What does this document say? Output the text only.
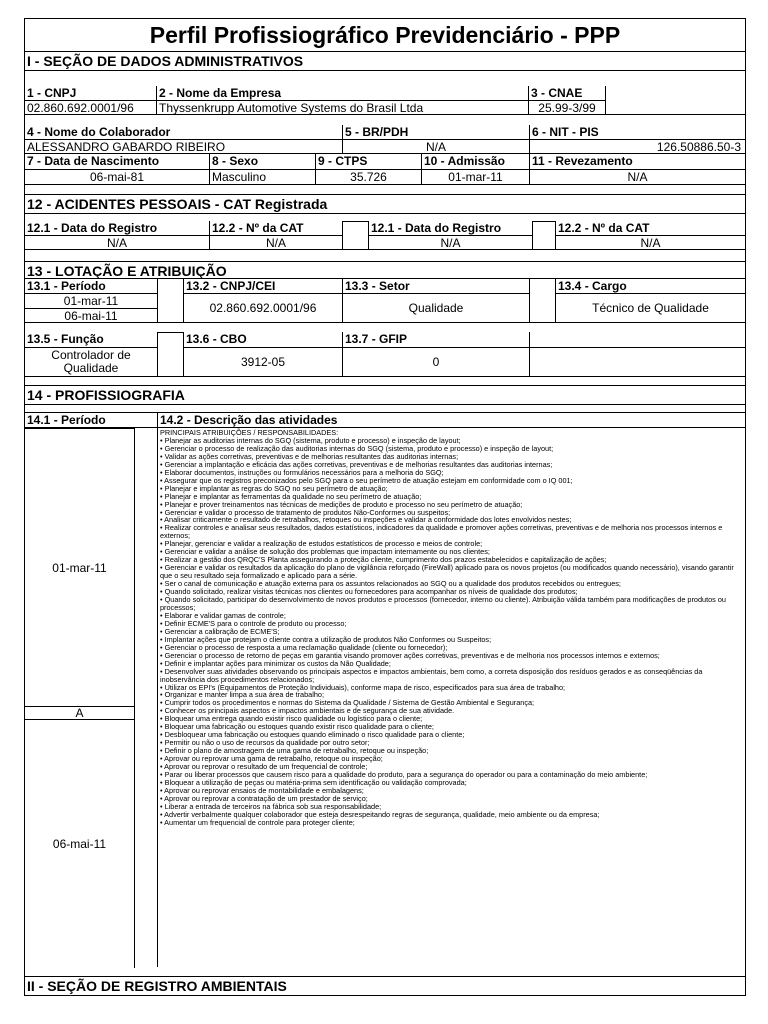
Perfil Profissiográfico Previdenciário - PPP
I - SEÇÃO DE DADOS ADMINISTRATIVOS
1 - CNPJ	2 - Nome da Empresa	3 - CNAE
02.860.692.0001/96	Thyssenkrupp Automotive Systems do Brasil Ltda	25.99-3/99
4 - Nome do Colaborador	5 - BR/PDH	6 - NIT - PIS
ALESSANDRO GABARDO RIBEIRO	N/A	126.50886.50-3
7 - Data de Nascimento	8 - Sexo	9 - CTPS	10 - Admissão	11 - Revezamento
06-mai-81	Masculino	35.726	01-mar-11	N/A
12 - ACIDENTES PESSOAIS - CAT Registrada
12.1 - Data do Registro	12.2 - Nº da CAT	12.1 - Data do Registro	12.2 - Nº da CAT
N/A	N/A	N/A	N/A
13 - LOTAÇÃO E ATRIBUIÇÃO
13.1 - Período	13.2 - CNPJ/CEI	13.3 - Setor	13.4 - Cargo
01-mar-11
06-mai-11
02.860.692.0001/96	Qualidade	Técnico de Qualidade
13.5 - Função	13.6 - CBO	13.7 - GFIP
Controlador de Qualidade	3912-05	0
14 - PROFISSIOGRAFIA
14.1 - Período	14.2 - Descrição das atividades
01-mar-11
A
06-mai-11
PRINCIPAIS ATRIBUIÇÕES / RESPONSABILIDADES:
• Planejar as auditorias internas do SGQ (sistema, produto e processo) e inspeção de layout;
• Gerenciar o processo de realização das auditorias internas do SGQ (sistema, produto e processo) e inspeção de layout;
• Validar as ações corretivas, preventivas e de melhorias resultantes das auditorias internas;
• Gerenciar a implantação e eficácia das ações corretivas, preventivas e de melhorias resultantes das auditorias internas;
• Elaborar documentos, instruções ou formulários necessários para a melhoria do SGQ;
• Assegurar que os registros preconizados pelo SGQ para o seu perímetro de atuação estejam em conformidade com o IQ 001;
• Planejar e implantar as regras do SGQ no seu perímetro de atuação;
• Planejar e implantar as ferramentas da qualidade no seu perímetro de atuação;
• Planejar e prover treinamentos nas técnicas de medições de produto e processo no seu perímetro de atuação;
• Gerenciar e validar o processo de tratamento de produtos Não-Conformes ou suspeitos;
• Analisar criticamente o resultado de retrabalhos, retoques ou inspeções e validar a conformidade dos lotes envolvidos nestes;
• Realizar controles e analisar seus resultados, dados estatísticos, indicadores da qualidade e promover ações corretivas, preventivas e de melhoria nos processos internos e externos;
• Planejar, gerenciar e validar a realização de estudos estatísticos de processo e meios de controle;
• Gerenciar e validar a análise de solução dos problemas que impactam internamente ou nos clientes;
• Realizar a gestão dos QRQC'S Planta assegurando a proteção cliente, cumprimento dos prazos estabelecidos e capitalização de ações;
• Gerenciar e validar os resultados da aplicação do plano de vigilância reforçado (FireWall) aplicado para os novos projetos (ou modificados quando necessário), visando garantir que o seu resultado seja formalizado e aplicado para a série.
• Ser o canal de comunicação e atuação externa para os assuntos relacionados ao SGQ ou a qualidade dos produtos recebidos ou entregues;
• Quando solicitado, realizar visitas técnicas nos clientes ou fornecedores para acompanhar os níveis de qualidade dos produtos;
• Quando solicitado, participar do desenvolvimento de novos produtos e processos (fornecedor, interno ou cliente). Atribuição válida também para modificações de produtos ou processos;
• Elaborar e validar gamas de controle;
• Definir ECME'S para o controle de produto ou processo;
• Gerenciar a calibração de ECME'S;
• Implantar ações que protejam o cliente contra a utilização de produtos Não Conformes ou Suspeitos;
• Gerenciar o processo de resposta a uma reclamação qualidade (cliente ou fornecedor);
• Gerenciar o processo de retorno de peças em garantia visando promover ações corretivas, preventivas e de melhoria nos processos internos e externos;
• Definir e implantar ações para minimizar os custos da Não Qualidade;
• Desenvolver suas atividades observando os principais aspectos e impactos ambientais, bem como, a correta disposição dos resíduos gerados e as conseqüências da inobservância dos procedimentos relacionados;
• Utilizar os EPI's (Equipamentos de Proteção Individuais), conforme mapa de risco, especificados para sua área de trabalho;
• Organizar e manter limpa a sua área de trabalho;
• Cumprir todos os procedimentos e normas do Sistema da Qualidade / Sistema de Gestão Ambiental e Segurança;
• Conhecer os principais aspectos e impactos ambientais e de segurança de sua atividade.
• Bloquear uma entrega quando existir risco qualidade ou logístico para o cliente;
• Bloquear uma fabricação ou estoques quando existir risco qualidade para o cliente;
• Desbloquear uma fabricação ou estoques quando eliminado o risco qualidade para o cliente;
• Permitir ou não o uso de recursos da qualidade por outro setor;
• Definir o plano de amostragem de uma gama de retrabalho, retoque ou inspeção;
• Aprovar ou reprovar uma gama de retrabalho, retoque ou inspeção;
• Aprovar ou reprovar o resultado de um frequencial de controle;
• Parar ou liberar processos que causem risco para a qualidade do produto, para a segurança do operador ou para a contaminação do meio ambiente;
• Bloquear a utilização de peças ou matéria-prima sem identificação ou validação comprovada;
• Aprovar ou reprovar ensaios de montabilidade e embalagens;
• Aprovar ou reprovar a contratação de um prestador de serviço;
• Liberar a entrada de terceiros na fábrica sob sua responsabilidade;
• Advertir verbalmente qualquer colaborador que esteja desrespeitando regras de segurança, qualidade, meio ambiente ou da empresa;
• Aumentar um frequencial de controle para proteger cliente;
II - SEÇÃO DE REGISTRO AMBIENTAIS
